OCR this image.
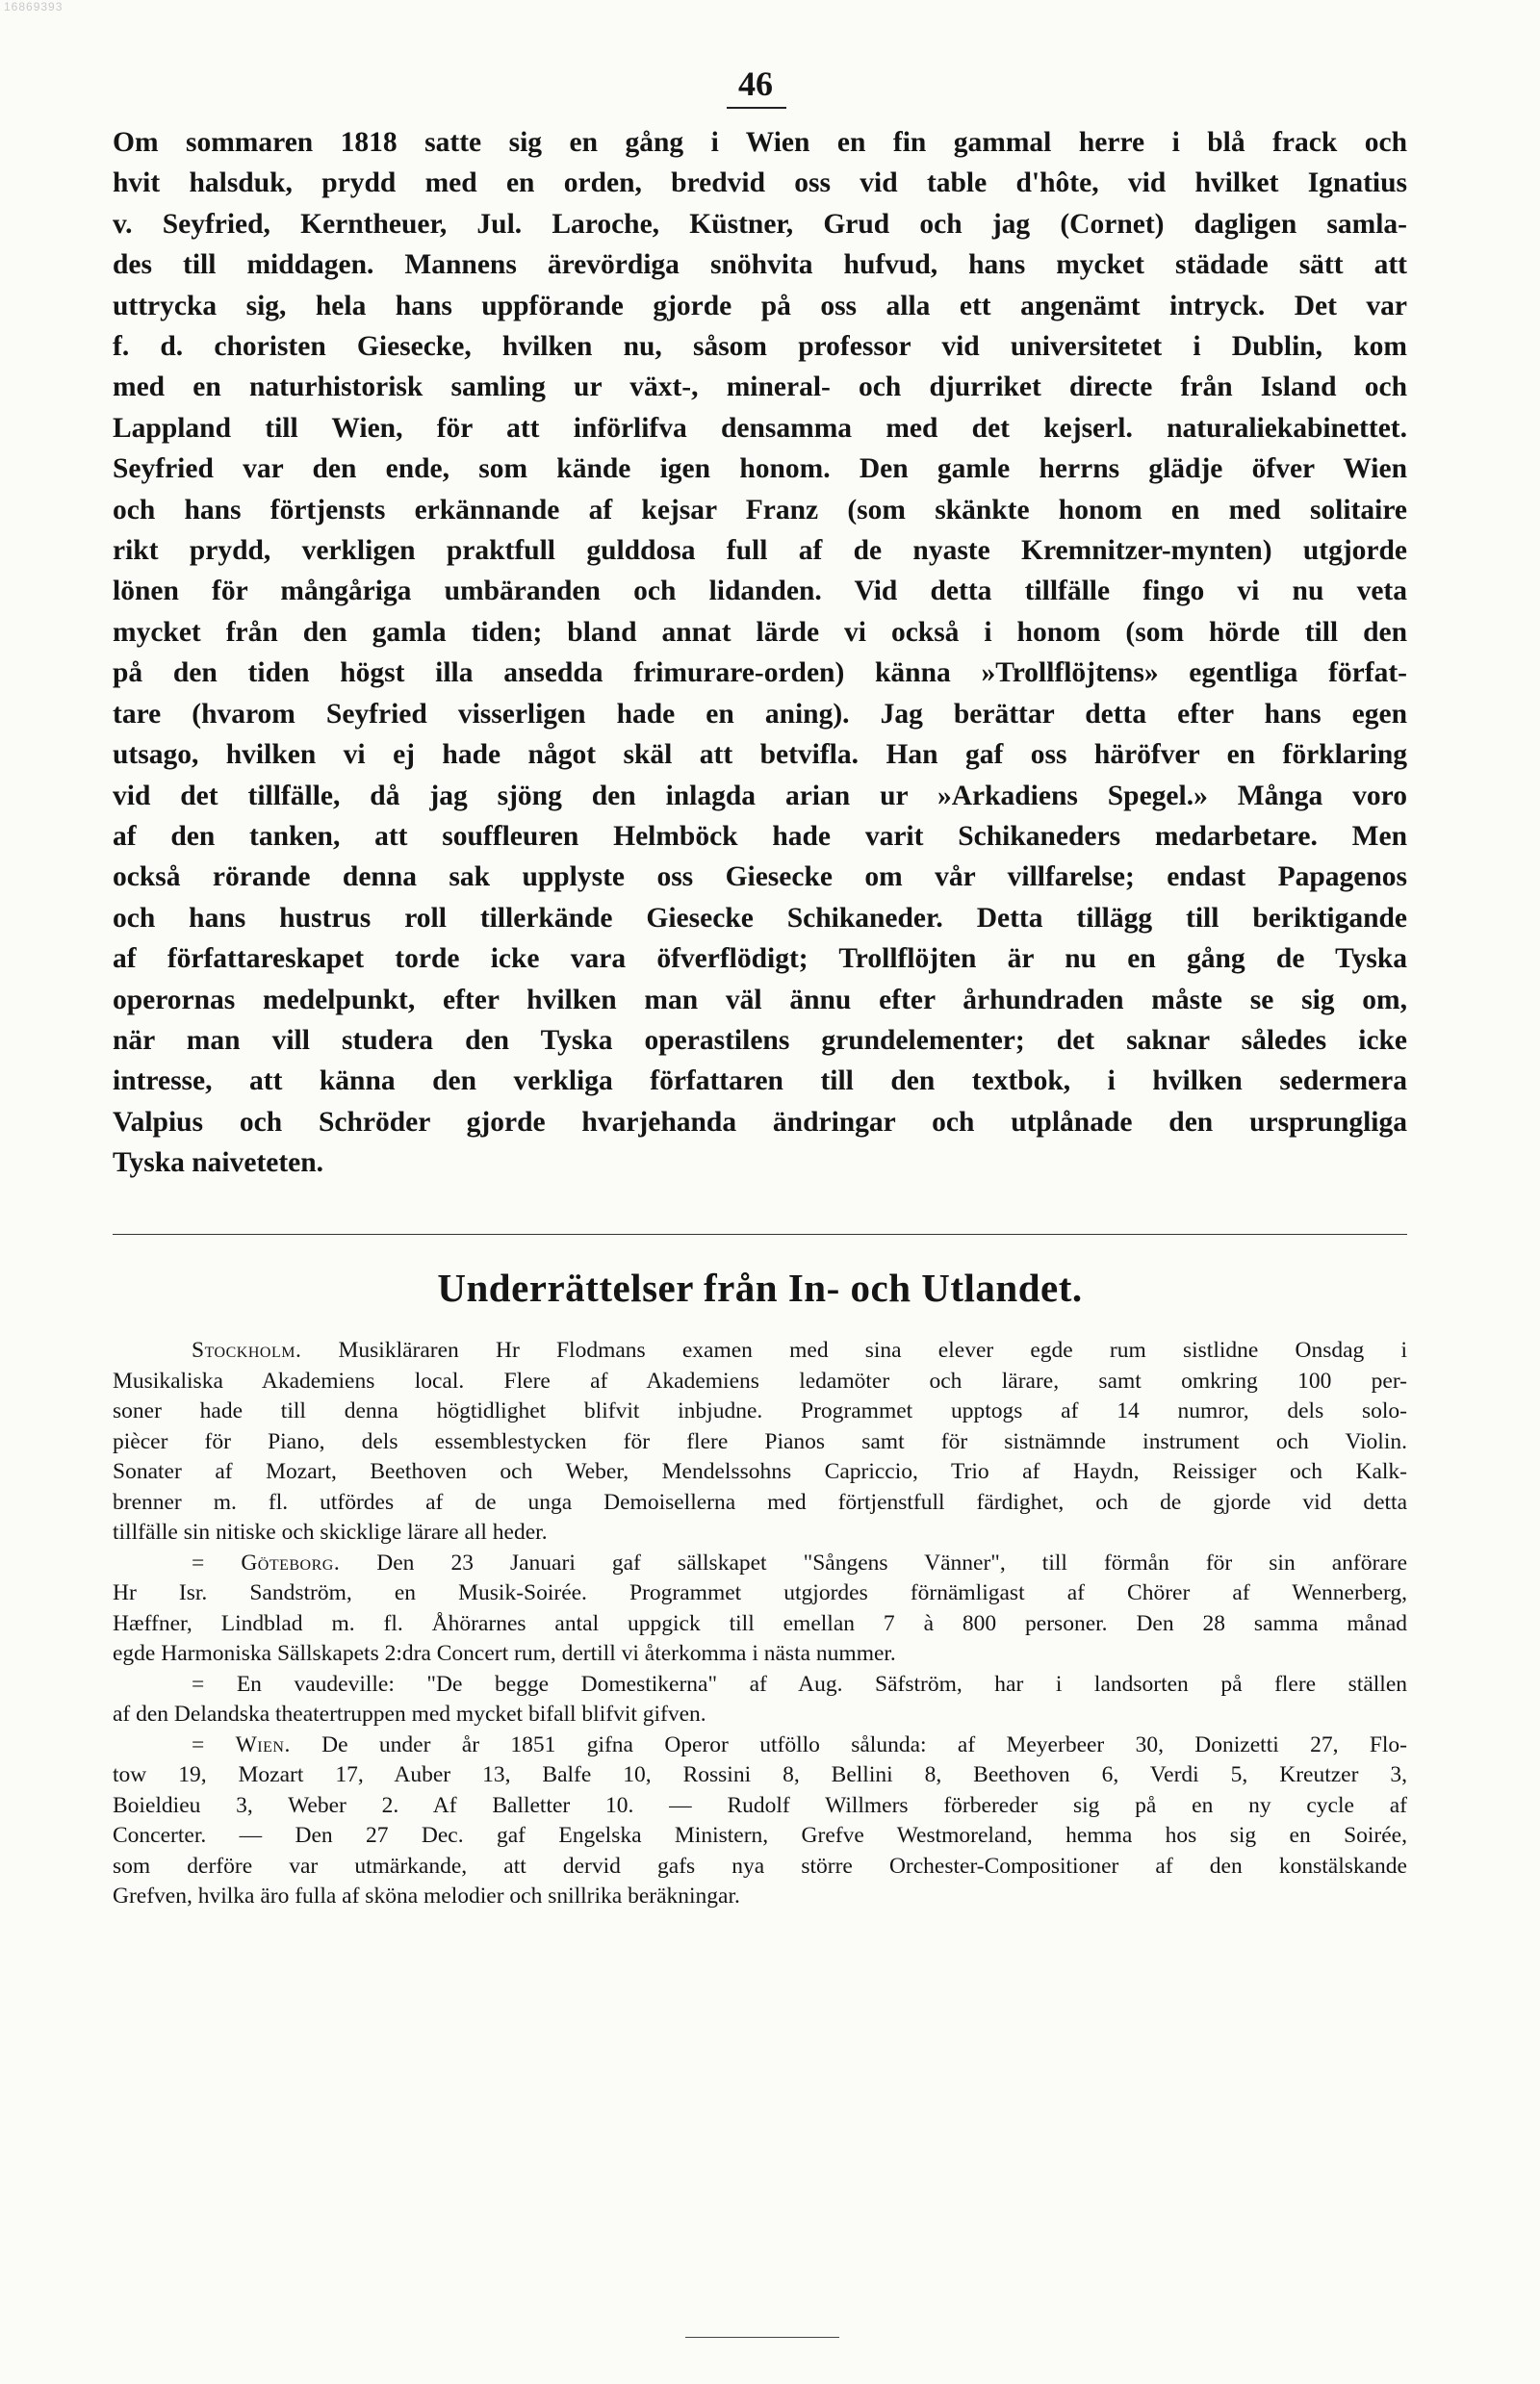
16869393
46
Om sommaren 1818 satte sig en gång i Wien en fin gammal herre i blå frack och
hvit halsduk, prydd med en orden, bredvid oss vid table d'hôte, vid hvilket Ignatius
v. Seyfried, Kerntheuer, Jul. Laroche, Küstner, Grud och jag (Cornet) dagligen samla-
des till middagen. Mannens ärevördiga snöhvita hufvud, hans mycket städade sätt att
uttrycka sig, hela hans uppförande gjorde på oss alla ett angenämt intryck. Det var
f. d. choristen Giesecke, hvilken nu, såsom professor vid universitetet i Dublin, kom
med en naturhistorisk samling ur växt-, mineral- och djurriket directe från Island och
Lappland till Wien, för att införlifva densamma med det kejserl. naturaliekabinettet.
Seyfried var den ende, som kände igen honom. Den gamle herrns glädje öfver Wien
och hans förtjensts erkännande af kejsar Franz (som skänkte honom en med solitaire
rikt prydd, verkligen praktfull gulddosa full af de nyaste Kremnitzer-mynten) utgjorde
lönen för mångåriga umbäranden och lidanden. Vid detta tillfälle fingo vi nu veta
mycket från den gamla tiden; bland annat lärde vi också i honom (som hörde till den
på den tiden högst illa ansedda frimurare-orden) känna »Trollflöjtens» egentliga förfat-
tare (hvarom Seyfried visserligen hade en aning). Jag berättar detta efter hans egen
utsago, hvilken vi ej hade något skäl att betvifla. Han gaf oss häröfver en förklaring
vid det tillfälle, då jag sjöng den inlagda arian ur »Arkadiens Spegel.» Många voro
af den tanken, att souffleuren Helmböck hade varit Schikaneders medarbetare. Men
också rörande denna sak upplyste oss Giesecke om vår villfarelse; endast Papagenos
och hans hustrus roll tillerkände Giesecke Schikaneder. Detta tillägg till beriktigande
af författareskapet torde icke vara öfverflödigt; Trollflöjten är nu en gång de Tyska
operornas medelpunkt, efter hvilken man väl ännu efter århundraden måste se sig om,
när man vill studera den Tyska operastilens grundelementer; det saknar således icke
intresse, att känna den verkliga författaren till den textbok, i hvilken sedermera
Valpius och Schröder gjorde hvarjehanda ändringar och utplånade den ursprungliga
Tyska naiveteten.
Underrättelser från In- och Utlandet.
Stockholm. Musikläraren Hr Flodmans examen med sina elever egde rum sistlidne Onsdag i
Musikaliska Akademiens local. Flere af Akademiens ledamöter och lärare, samt omkring 100 per-
soner hade till denna högtidlighet blifvit inbjudne. Programmet upptogs af 14 numror, dels solo-
piècer för Piano, dels essemblestycken för flere Pianos samt för sistnämnde instrument och Violin.
Sonater af Mozart, Beethoven och Weber, Mendelssohns Capriccio, Trio af Haydn, Reissiger och Kalk-
brenner m. fl. utfördes af de unga Demoisellerna med förtjenstfull färdighet, och de gjorde vid detta
tillfälle sin nitiske och skicklige lärare all heder.
= Göteborg. Den 23 Januari gaf sällskapet "Sångens Vänner", till förmån för sin anförare
Hr Isr. Sandström, en Musik-Soirée. Programmet utgjordes förnämligast af Chörer af Wennerberg,
Hæffner, Lindblad m. fl. Åhörarnes antal uppgick till emellan 7 à 800 personer. Den 28 samma månad
egde Harmoniska Sällskapets 2:dra Concert rum, dertill vi återkomma i nästa nummer.
= En vaudeville: "De begge Domestikerna" af Aug. Säfström, har i landsorten på flere ställen
af den Delandska theatertruppen med mycket bifall blifvit gifven.
= Wien. De under år 1851 gifna Operor utföllo sålunda: af Meyerbeer 30, Donizetti 27, Flo-
tow 19, Mozart 17, Auber 13, Balfe 10, Rossini 8, Bellini 8, Beethoven 6, Verdi 5, Kreutzer 3,
Boieldieu 3, Weber 2. Af Balletter 10. — Rudolf Willmers förbereder sig på en ny cycle af
Concerter. — Den 27 Dec. gaf Engelska Ministern, Grefve Westmoreland, hemma hos sig en Soirée,
som derföre var utmärkande, att dervid gafs nya större Orchester-Compositioner af den konstälskande
Grefven, hvilka äro fulla af sköna melodier och snillrika beräkningar.
